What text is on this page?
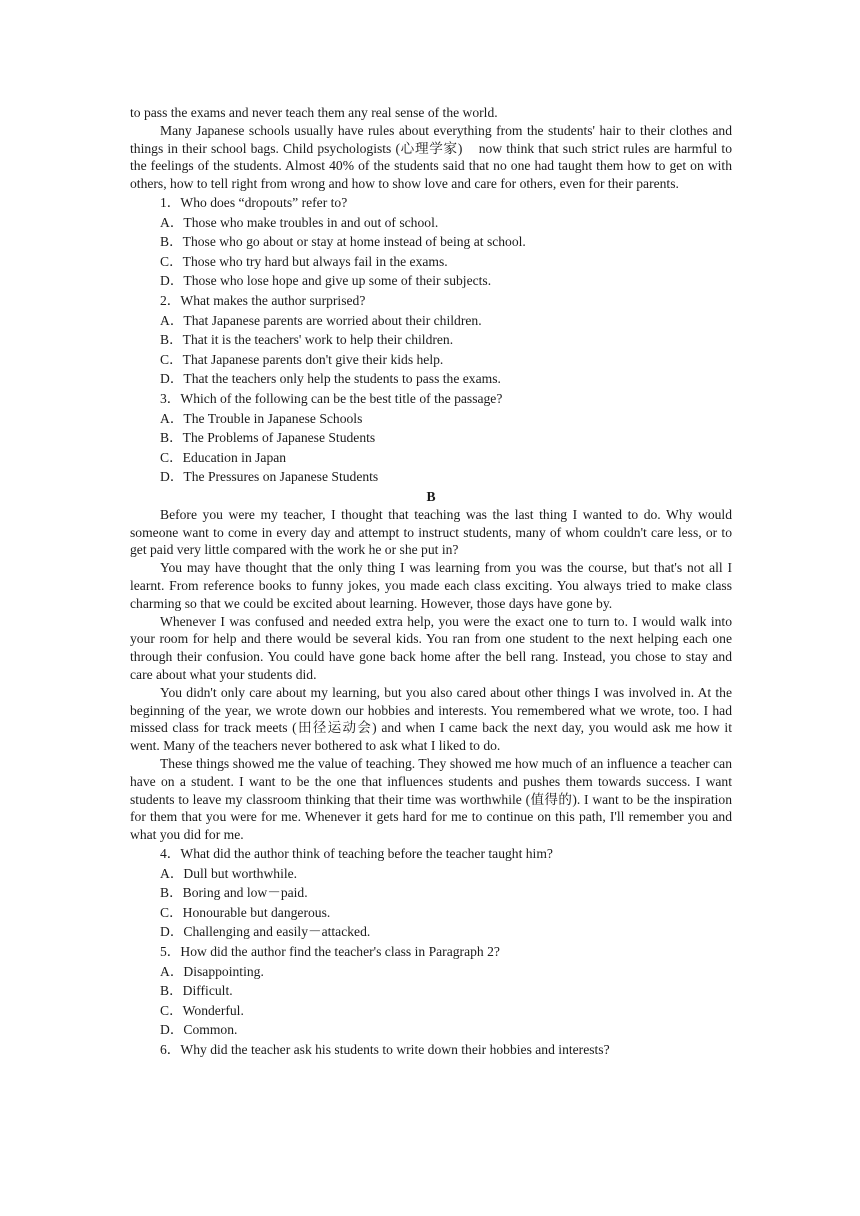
to pass the exams and never teach them any real sense of the world.

Many Japanese schools usually have rules about everything from the students' hair to their clothes and things in their school bags. Child psychologists (心理学家)    now think that such strict rules are harmful to the feelings of the students. Almost 40% of the students said that no one had taught them how to get on with others, how to tell right from wrong and how to show love and care for others, even for their parents.

1．Who does “dropouts” refer to?

A．Those who make troubles in and out of school.

B．Those who go about or stay at home instead of being at school.

C．Those who try hard but always fail in the exams.

D．Those who lose hope and give up some of their subjects.

2．What makes the author surprised?

A．That Japanese parents are worried about their children.

B．That it is the teachers' work to help their children.

C．That Japanese parents don't give their kids help.

D．That the teachers only help the students to pass the exams.

3．Which of the following can be the best title of the passage?

A．The Trouble in Japanese Schools

B．The Problems of Japanese Students

C．Education in Japan

D．The Pressures on Japanese Students

B

Before you were my teacher, I thought that teaching was the last thing I wanted to do. Why would someone want to come in every day and attempt to instruct students, many of whom couldn't care less, or to get paid very little compared with the work he or she put in?

You may have thought that the only thing I was learning from you was the course, but that's not all I learnt. From reference books to funny jokes, you made each class exciting. You always tried to make class charming so that we could be excited about learning. However, those days have gone by.

Whenever I was confused and needed extra help, you were the exact one to turn to. I would walk into your room for help and there would be several kids. You ran from one student to the next helping each one through their confusion. You could have gone back home after the bell rang. Instead, you chose to stay and care about what your students did.

You didn't only care about my learning, but you also cared about other things I was involved in. At the beginning of the year, we wrote down our hobbies and interests. You remembered what we wrote, too. I had missed class for track meets (田径运动会) and when I came back the next day, you would ask me how it went. Many of the teachers never bothered to ask what I liked to do.

These things showed me the value of teaching. They showed me how much of an influence a teacher can have on a student. I want to be the one that influences students and pushes them towards success. I want students to leave my classroom thinking that their time was worthwhile (值得的). I want to be the inspiration for them that you were for me. Whenever it gets hard for me to continue on this path, I'll remember you and what you did for me.

4．What did the author think of teaching before the teacher taught him?

A．Dull but worthwhile.

B．Boring and low－paid.

C．Honourable but dangerous.

D．Challenging and easily－attacked.

5．How did the author find the teacher's class in Paragraph 2?

A．Disappointing.

B．Difficult.

C．Wonderful.

D．Common.

6．Why did the teacher ask his students to write down their hobbies and interests?
